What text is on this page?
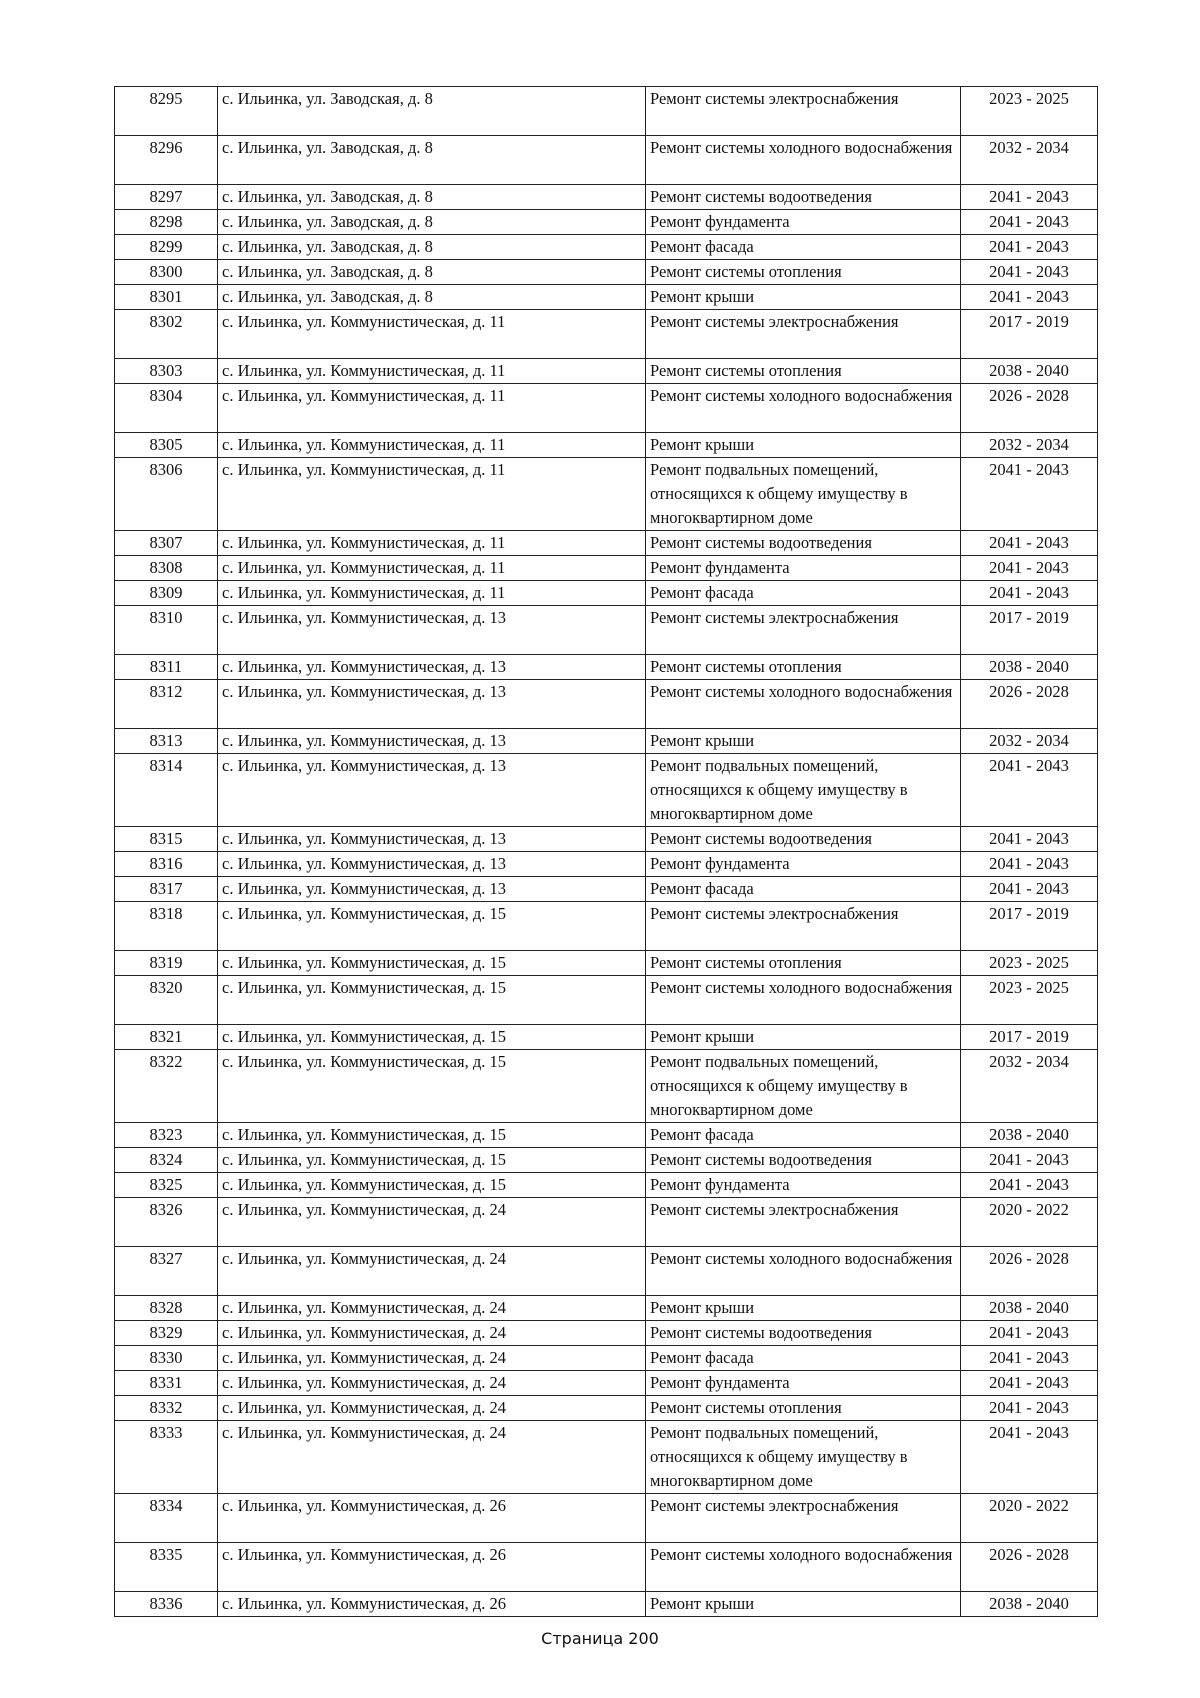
8295	с. Ильинка, ул. Заводская, д. 8	Ремонт системы электроснабжения	2023 - 2025
8296	с. Ильинка, ул. Заводская, д. 8	Ремонт системы холодного водоснабжения	2032 - 2034
8297	с. Ильинка, ул. Заводская, д. 8	Ремонт системы водоотведения	2041 - 2043
8298	с. Ильинка, ул. Заводская, д. 8	Ремонт фундамента	2041 - 2043
8299	с. Ильинка, ул. Заводская, д. 8	Ремонт фасада	2041 - 2043
8300	с. Ильинка, ул. Заводская, д. 8	Ремонт системы отопления	2041 - 2043
8301	с. Ильинка, ул. Заводская, д. 8	Ремонт крыши	2041 - 2043
8302	с. Ильинка, ул. Коммунистическая, д. 11	Ремонт системы электроснабжения	2017 - 2019
8303	с. Ильинка, ул. Коммунистическая, д. 11	Ремонт системы отопления	2038 - 2040
8304	с. Ильинка, ул. Коммунистическая, д. 11	Ремонт системы холодного водоснабжения	2026 - 2028
8305	с. Ильинка, ул. Коммунистическая, д. 11	Ремонт крыши	2032 - 2034
8306	с. Ильинка, ул. Коммунистическая, д. 11	Ремонт подвальных помещений, относящихся к общему имуществу в многоквартирном доме	2041 - 2043
8307	с. Ильинка, ул. Коммунистическая, д. 11	Ремонт системы водоотведения	2041 - 2043
8308	с. Ильинка, ул. Коммунистическая, д. 11	Ремонт фундамента	2041 - 2043
8309	с. Ильинка, ул. Коммунистическая, д. 11	Ремонт фасада	2041 - 2043
8310	с. Ильинка, ул. Коммунистическая, д. 13	Ремонт системы электроснабжения	2017 - 2019
8311	с. Ильинка, ул. Коммунистическая, д. 13	Ремонт системы отопления	2038 - 2040
8312	с. Ильинка, ул. Коммунистическая, д. 13	Ремонт системы холодного водоснабжения	2026 - 2028
8313	с. Ильинка, ул. Коммунистическая, д. 13	Ремонт крыши	2032 - 2034
8314	с. Ильинка, ул. Коммунистическая, д. 13	Ремонт подвальных помещений, относящихся к общему имуществу в многоквартирном доме	2041 - 2043
8315	с. Ильинка, ул. Коммунистическая, д. 13	Ремонт системы водоотведения	2041 - 2043
8316	с. Ильинка, ул. Коммунистическая, д. 13	Ремонт фундамента	2041 - 2043
8317	с. Ильинка, ул. Коммунистическая, д. 13	Ремонт фасада	2041 - 2043
8318	с. Ильинка, ул. Коммунистическая, д. 15	Ремонт системы электроснабжения	2017 - 2019
8319	с. Ильинка, ул. Коммунистическая, д. 15	Ремонт системы отопления	2023 - 2025
8320	с. Ильинка, ул. Коммунистическая, д. 15	Ремонт системы холодного водоснабжения	2023 - 2025
8321	с. Ильинка, ул. Коммунистическая, д. 15	Ремонт крыши	2017 - 2019
8322	с. Ильинка, ул. Коммунистическая, д. 15	Ремонт подвальных помещений, относящихся к общему имуществу в многоквартирном доме	2032 - 2034
8323	с. Ильинка, ул. Коммунистическая, д. 15	Ремонт фасада	2038 - 2040
8324	с. Ильинка, ул. Коммунистическая, д. 15	Ремонт системы водоотведения	2041 - 2043
8325	с. Ильинка, ул. Коммунистическая, д. 15	Ремонт фундамента	2041 - 2043
8326	с. Ильинка, ул. Коммунистическая, д. 24	Ремонт системы электроснабжения	2020 - 2022
8327	с. Ильинка, ул. Коммунистическая, д. 24	Ремонт системы холодного водоснабжения	2026 - 2028
8328	с. Ильинка, ул. Коммунистическая, д. 24	Ремонт крыши	2038 - 2040
8329	с. Ильинка, ул. Коммунистическая, д. 24	Ремонт системы водоотведения	2041 - 2043
8330	с. Ильинка, ул. Коммунистическая, д. 24	Ремонт фасада	2041 - 2043
8331	с. Ильинка, ул. Коммунистическая, д. 24	Ремонт фундамента	2041 - 2043
8332	с. Ильинка, ул. Коммунистическая, д. 24	Ремонт системы отопления	2041 - 2043
8333	с. Ильинка, ул. Коммунистическая, д. 24	Ремонт подвальных помещений, относящихся к общему имуществу в многоквартирном доме	2041 - 2043
8334	с. Ильинка, ул. Коммунистическая, д. 26	Ремонт системы электроснабжения	2020 - 2022
8335	с. Ильинка, ул. Коммунистическая, д. 26	Ремонт системы холодного водоснабжения	2026 - 2028
8336	с. Ильинка, ул. Коммунистическая, д. 26	Ремонт крыши	2038 - 2040
Страница 200
